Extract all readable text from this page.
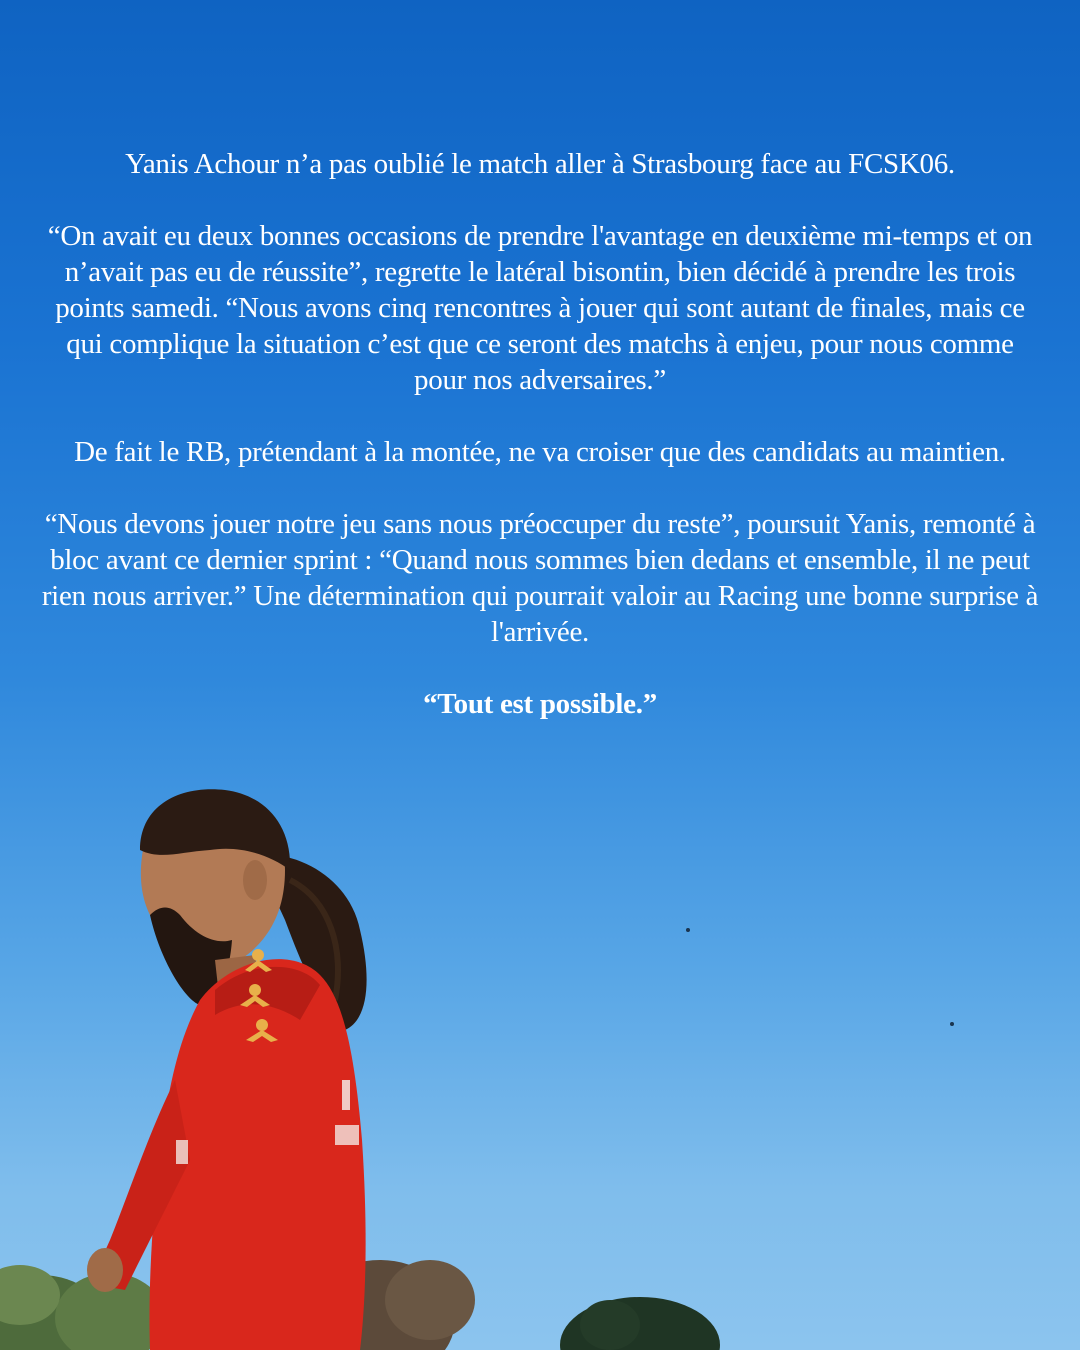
Yanis Achour n’a pas oublié le match aller à Strasbourg face au FCSK06.

“On avait eu deux bonnes occasions de prendre l'avantage en deuxième mi-temps et on n’avait pas eu de réussite”, regrette le latéral bisontin, bien décidé à prendre les trois points samedi. “Nous avons cinq rencontres à jouer qui sont autant de finales, mais ce qui complique la situation c’est que ce seront des matchs à enjeu, pour nous comme pour nos adversaires.”

De fait le RB, prétendant à la montée, ne va croiser que des candidats au maintien.

“Nous devons jouer notre jeu sans nous préoccuper du reste”, poursuit Yanis, remonté à bloc avant ce dernier sprint : “Quand nous sommes bien dedans et ensemble, il ne peut rien nous arriver.” Une détermination qui pourrait valoir au Racing une bonne surprise à l'arrivée.

“Tout est possible.”
